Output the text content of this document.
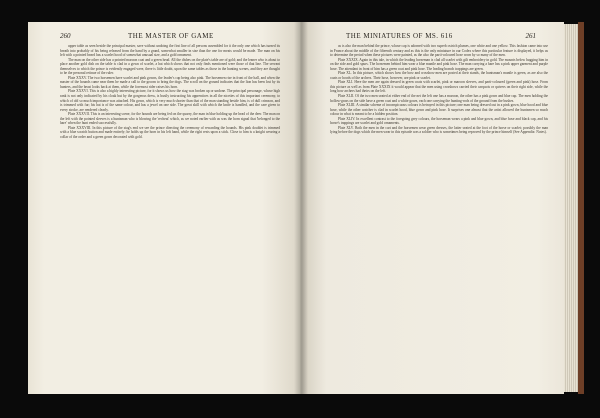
260	THE MASTER OF GAME

upper table as seen beside the principal master, save without undoing the first line of all persons assembled for it the only one which has turned its breath into probably of his being released from the hand by a grand, somewhat smaller in size than the one for meats would be made. The man on his left with a pointed beard has a scarlet hood of somewhat unusual size, and a gold ornament.

The man on the other side has a pointed maroon coat and a green head. All the dishes on the plate's table are of gold; and the leaner who is about to place another gold dish on the table is clad in a gown of scarlet, a hat which shows that not only finds mentioned were those of that line. The servant themselves to which the prince is evidently engaged were, there is little doubt, upon the same tables as those in the hunting scenes, and they are thought to be the personal retinue of the ruler.

Plate XXXV. The two horsemen have scarlet and pink gowns, the leader's cap being also pink. The horsemen rise in front of the hall, and when the master of the hounds came near them he made a call to the groom to bring the dogs. The scroll on the ground indicates that the lion has been lost by its hunters, and the beast looks back at them, while the foremost rider raises his horn.

Plate XXXVI. This is also a highly interesting picture, for it shows us how the stag was broken up or undone. The principal personage, whose high rank is not only indicated by his cloak but by the gorgeous dress, is busily instructing his apprentices in all the niceties of this important ceremony, to which of old so much importance was attached. His gown, which is very much shorter than that of the man standing beside him, is of dull crimson, and is trimmed with fur; his hat is of the same colour, and has a jewel on one side. The great skill with which the knife is handled, and the care given to every stroke, are rendered clearly.

Plate XXXVII. This is an interesting scene, for the hounds are being fed on the quarry, the man in blue holding up the head of the deer. The man on the left with the pointed sleeves is a huntsman who is blowing the 'recheat' which, as we noted earlier with us was the horn signal that 'belonged to the hare' when the hunt ended successfully.

Plate XXXVIII. In this picture of the stag's end we see the prince directing the ceremony of rewarding the hounds. His pink doublet is trimmed with a blue scratch button and made entirely; he holds up the horn in his left hand, while the right rests upon a stick. Close to him is a knight wearing a collar of the order and a green gown decorated with gold.

THE MINIATURES OF MS. 616	261

as is also the man behind the prince, whose cap is adorned with two superb ostrich plumes, one white and one yellow. This fashion came into use in France about the middle of the fifteenth century and as this is the only miniature in our Codex where this particular feature is displayed, it helps us to determine the period when these pictures were painted, as the also the parti-coloured hose worn by so many of the men.

Plate XXXIX. Again in this tale, in which the leading horseman is clad all scarlet with gilt embroidery in gold. The mounts below hugging him in on the side and gold spurs. The horsemen behind him wear a blue mantle and pink hose. The man carrying a hare has a pink upper garment and purple hose. The attendant in front of him has a green coat and pink hose. The leading branch trappings are green.

Plate XL. In this picture, which shows how the bow and crossbow men are posted at their stands, the huntsman's mantle is green, as are also the coats or hoods of the archers. Their hose, however, are pink or scarlet.

Plate XLI. Here the men are again dressed in green coats with scarlet, pink or maroon sleeves, and parti-coloured (green and pink) hose. From this picture as well as from Plate XXXIX it would appear that the men using crossbows carried their carquois or quivers on their right side, while the long bow archers had theirs on the left.

Plate XLII. Of the two men seated at either end of the net the left one has a maroon, the other has a pink gown and blue cap. The men holding the hollow-grass on the side have a green coat and a white gown, each one carrying the hunting-rods of the ground from the bushes.

Plate XLIII. A similar scheme of inconspicuous colours is betrayed in this picture; one man being dressed out in a pink gown, blue hood and blue hose, while the other watcher is clad in scarlet hood, blue gown and pink hose. It surprises one almost that the artist allowed the huntsmen so much colour in what is meant to be a hidden position.

Plate XLIV. In excellent contrast to the foregoing grey colours, the horseman wears a pink and blue gown, and blue hose and black cap, and his horse's trappings are scarlet and gold ornaments.

Plate XLV. Both the men in the cart and the horsemen wear green dresses, the latter seated at the foot of the horse or scarlet; possibly the man lying before the dogs which the men wear in this episode was a soldier who is sometimes being reproved by the prince himself (See Appendix: Notes).
